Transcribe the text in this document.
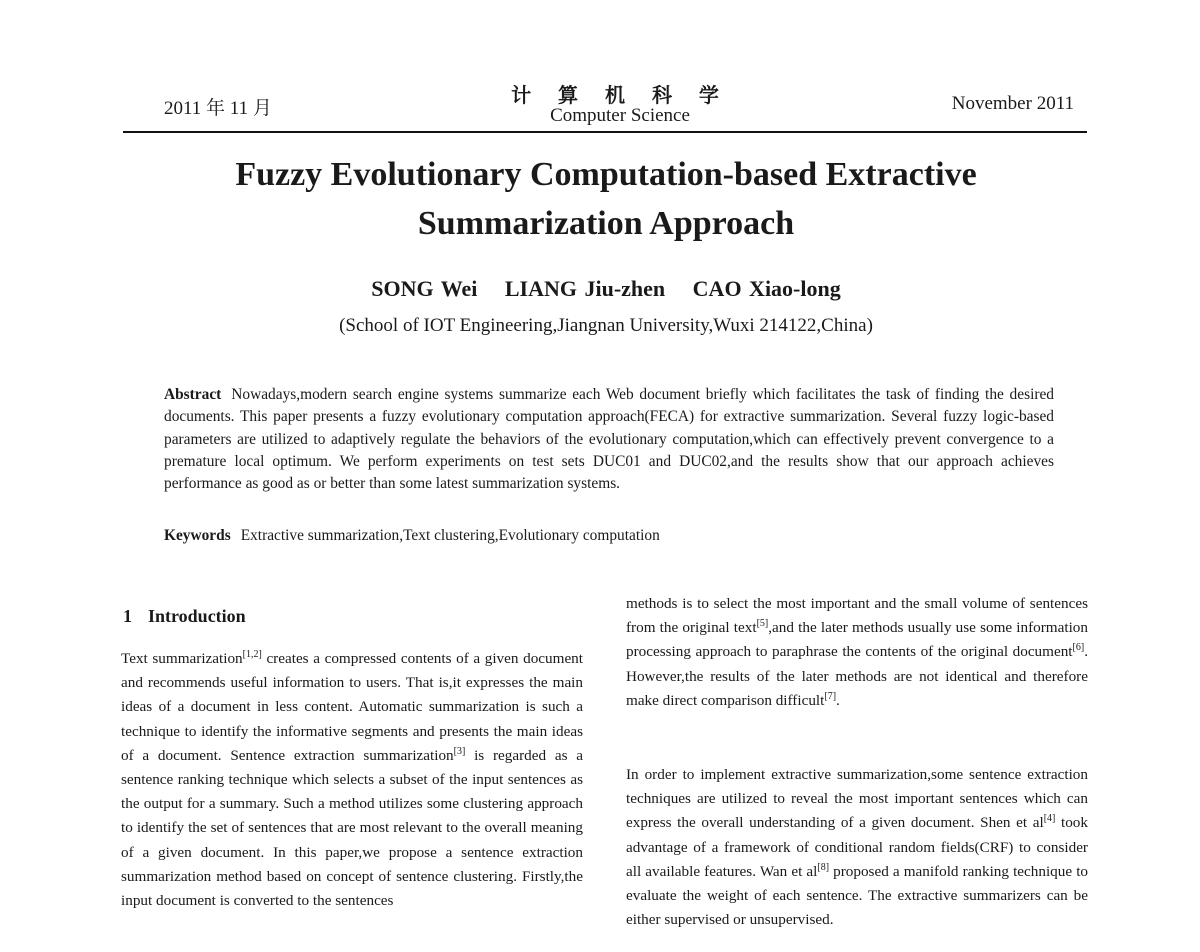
2011 年 11 月
计 算 机 科 学
Computer Science
November 2011
Fuzzy Evolutionary Computation-based Extractive
Summarization Approach
SONG Wei LIANG Jiu-zhen CAO Xiao-long
(School of IOT Engineering,Jiangnan University,Wuxi 214122,China)

Abstract Nowadays,modern search engine systems summarize each Web document briefly which facilitates the task of finding the desired documents. This paper presents a fuzzy evolutionary computation approach(FECA) for extractive summarization. Several fuzzy logic-based parameters are utilized to adaptively regulate the behaviors of the evolutionary computation,which can effectively prevent convergence to a premature local optimum. We perform experiments on test sets DUC01 and DUC02,and the results show that our approach achieves performance as good as or better than some latest summarization systems.

Keywords Extractive summarization,Text clustering,Evolutionary computation

1 Introduction

Text summarization[1,2] creates a compressed contents of a given document and recommends useful information to users. That is,it expresses the main ideas of a document in less content. Automatic summarization is such a technique to identify the informative segments and presents the main ideas of a document. Sentence extraction summarization[3] is regarded as a sentence ranking technique which selects a subset of the input sentences as the output for a summary. Such a method utilizes some clustering approach to identify the set of sentences that are most relevant to the overall meaning of a given document. In this paper,we propose a sentence extraction summarization method based on concept of sentence clustering. Firstly,the input document is converted to the sentences

methods is to select the most important and the small volume of sentences from the original text[5],and the later methods usually use some information processing approach to paraphrase the contents of the original document[6]. However,the results of the later methods are not identical and therefore make direct comparison difficult[7].

In order to implement extractive summarization,some sentence extraction techniques are utilized to reveal the most important sentences which can express the overall understanding of a given document. Shen et al[4] took advantage of a framework of conditional random fields(CRF) to consider all available features. Wan et al[8] proposed a manifold ranking technique to evaluate the weight of each sentence. The extractive summarizers can be either supervised or unsupervised.
